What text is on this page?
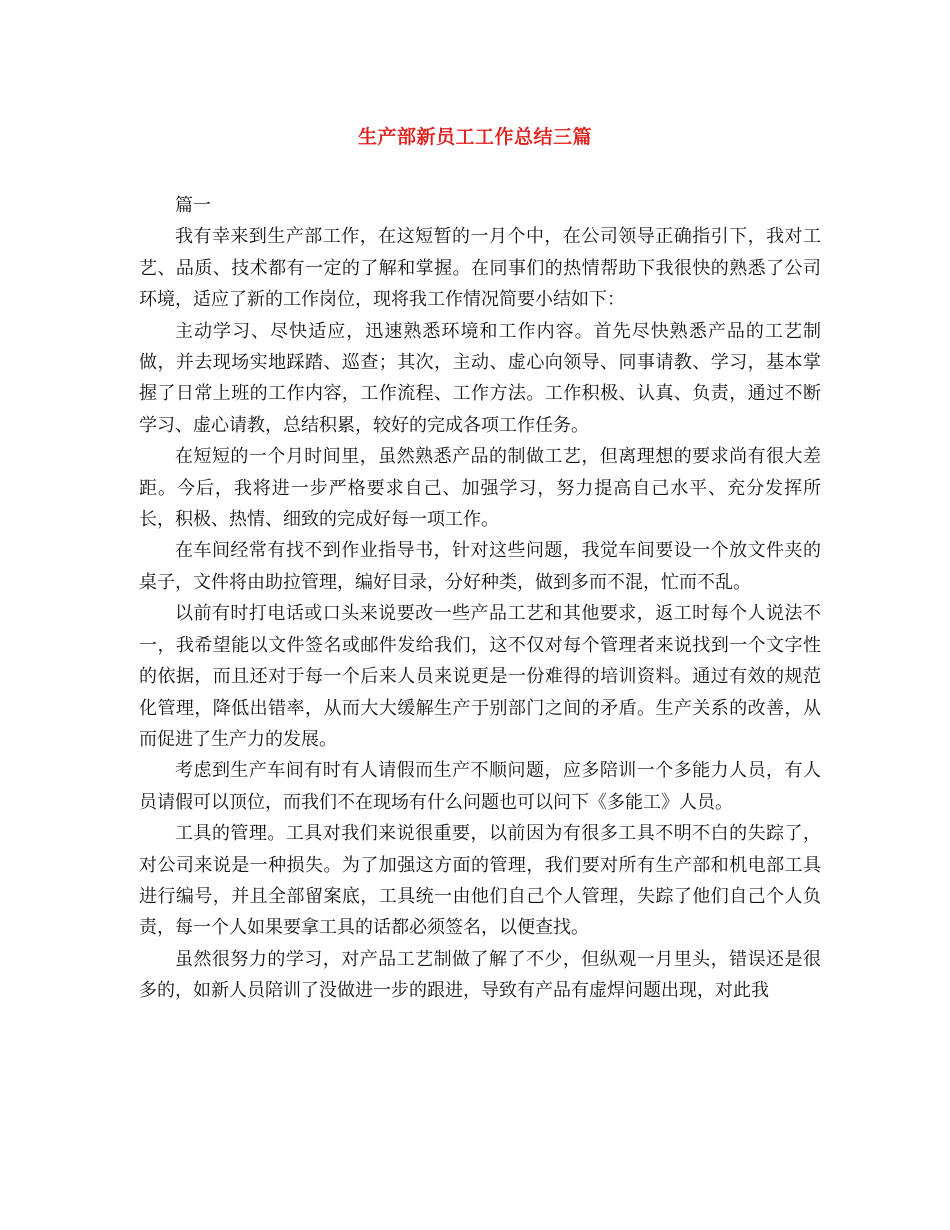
生产部新员工工作总结三篇

篇一

我有幸来到生产部工作，在这短暂的一月个中，在公司领导正确指引下，我对工艺、品质、技术都有一定的了解和掌握。在同事们的热情帮助下我很快的熟悉了公司环境，适应了新的工作岗位，现将我工作情况简要小结如下：

主动学习、尽快适应，迅速熟悉环境和工作内容。首先尽快熟悉产品的工艺制做，并去现场实地踩踏、巡查；其次，主动、虚心向领导、同事请教、学习，基本掌握了日常上班的工作内容，工作流程、工作方法。工作积极、认真、负责，通过不断学习、虚心请教，总结积累，较好的完成各项工作任务。

在短短的一个月时间里，虽然熟悉产品的制做工艺，但离理想的要求尚有很大差距。今后，我将进一步严格要求自己、加强学习，努力提高自己水平、充分发挥所长，积极、热情、细致的完成好每一项工作。

在车间经常有找不到作业指导书，针对这些问题，我觉车间要设一个放文件夹的桌子，文件将由助拉管理，编好目录，分好种类，做到多而不混，忙而不乱。

以前有时打电话或口头来说要改一些产品工艺和其他要求，返工时每个人说法不一，我希望能以文件签名或邮件发给我们，这不仅对每个管理者来说找到一个文字性的依据，而且还对于每一个后来人员来说更是一份难得的培训资料。通过有效的规范化管理，降低出错率，从而大大缓解生产于别部门之间的矛盾。生产关系的改善，从而促进了生产力的发展。

考虑到生产车间有时有人请假而生产不顺问题，应多陪训一个多能力人员，有人员请假可以顶位，而我们不在现场有什么问题也可以问下《多能工》人员。

工具的管理。工具对我们来说很重要，以前因为有很多工具不明不白的失踪了，对公司来说是一种损失。为了加强这方面的管理，我们要对所有生产部和机电部工具进行编号，并且全部留案底，工具统一由他们自己个人管理，失踪了他们自己个人负责，每一个人如果要拿工具的话都必须签名，以便查找。

虽然很努力的学习，对产品工艺制做了解了不少，但纵观一月里头，错误还是很多的，如新人员陪训了没做进一步的跟进，导致有产品有虚焊问题出现，对此我
